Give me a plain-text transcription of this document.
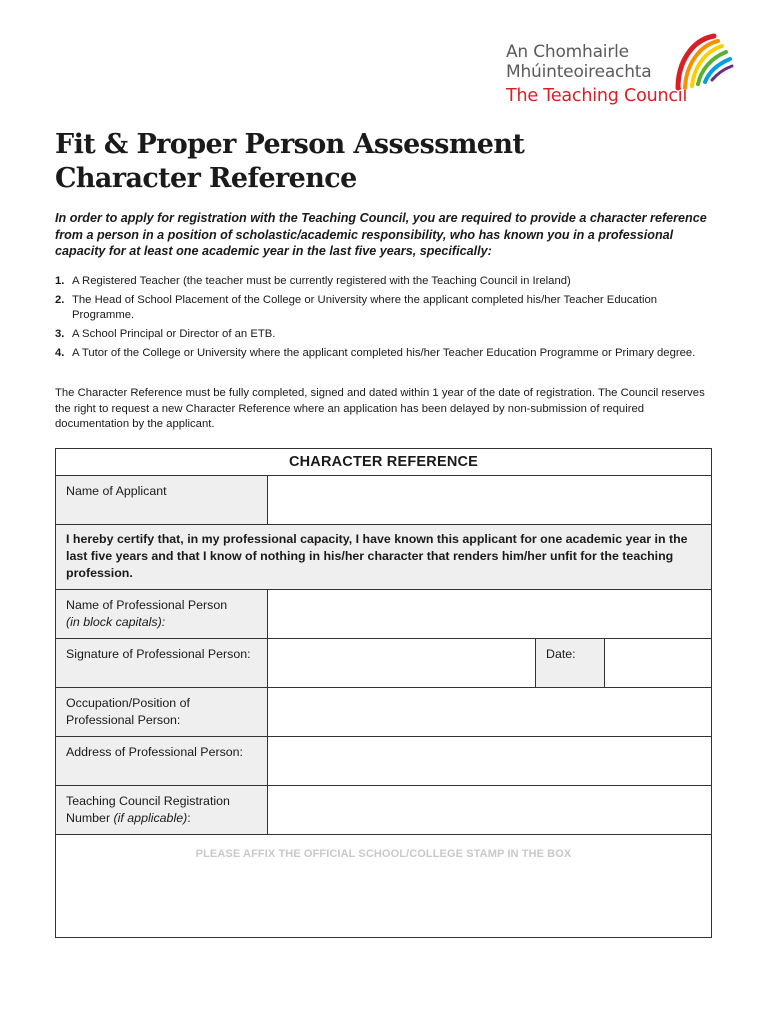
An Chomhairle
Mhúinteoireachta
The Teaching Council
Fit & Proper Person Assessment
Character Reference

In order to apply for registration with the Teaching Council, you are required to provide a character reference from a person in a position of scholastic/academic responsibility, who has known you in a professional capacity for at least one academic year in the last five years, specifically:

1. A Registered Teacher (the teacher must be currently registered with the Teaching Council in Ireland)
2. The Head of School Placement of the College or University where the applicant completed his/her Teacher Education Programme.
3. A School Principal or Director of an ETB.
4. A Tutor of the College or University where the applicant completed his/her Teacher Education Programme or Primary degree.

The Character Reference must be fully completed, signed and dated within 1 year of the date of registration. The Council reserves the right to request a new Character Reference where an application has been delayed by non-submission of required documentation by the applicant.

CHARACTER REFERENCE
Name of Applicant
I hereby certify that, in my professional capacity, I have known this applicant for one academic year in the last five years and that I know of nothing in his/her character that renders him/her unfit for the teaching profession.
Name of Professional Person
(in block capitals):
Signature of Professional Person:	Date:
Occupation/Position of Professional Person:
Address of Professional Person:
Teaching Council Registration Number (if applicable):
PLEASE AFFIX THE OFFICIAL SCHOOL/COLLEGE STAMP IN THE BOX
